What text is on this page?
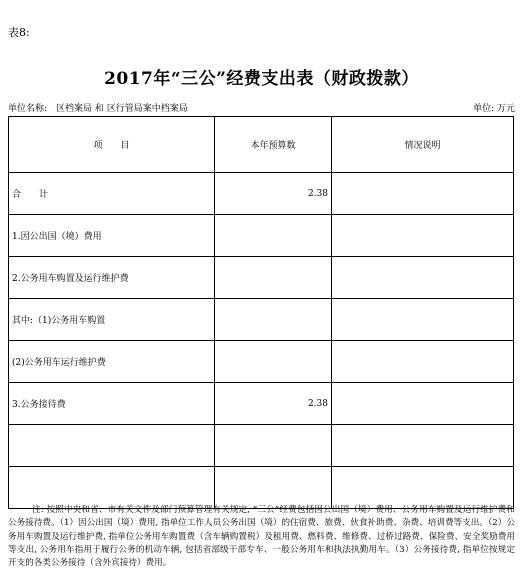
表8:
2017年“三公”经费支出表（财政拨款）
单位名称:　区档案局 和 区行管局案中档案局	单位: 万元
项　　目	本年预算数	情况说明
合　　计	2.38	
1.因公出国（境）费用		
2.公务用车购置及运行维护费		
其中:（1)公务用车购置		
(2)公务用车运行维护费		
3.公务接待费	2.38	

注: 按照中央和省、市有关文件及部门预算管理有关规定, “三公”经费包括因公出国（境）费用、公务用车购置及运行维护费和公务接待费。（1）因公出国（境）费用, 指单位工作人员公务出国（境）的住宿费、旅费、伙食补助费、杂费、培训费等支出。（2）公务用车购置及运行维护费, 指单位公务用车购置费（含车辆购置税）及租用费、燃料费、维修费、过桥过路费、保险费、安全奖励费用等支出, 公务用车指用于履行公务的机动车辆, 包括省部级干部专车、一般公务用车和执法执勤用车。（3）公务接待费, 指单位按规定开支的各类公务接待（含外宾接待）费用。
